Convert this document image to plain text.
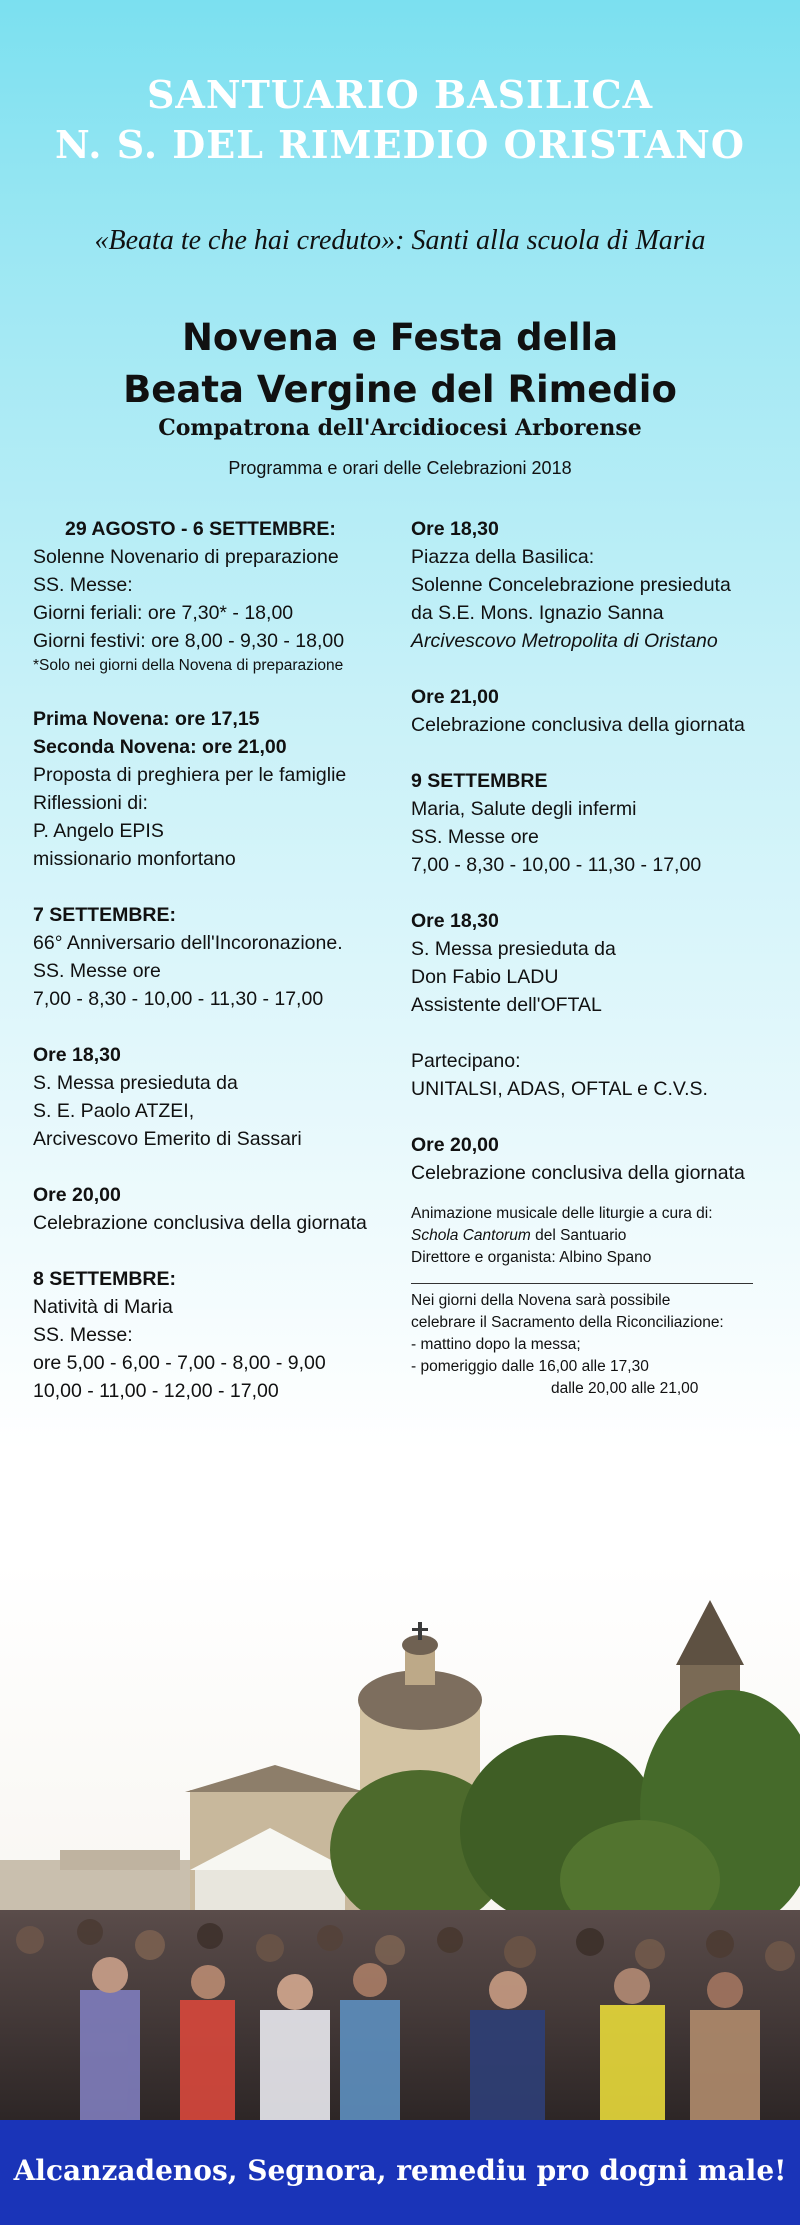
SANTUARIO BASILICA
N. S. DEL RIMEDIO ORISTANO
«Beata te che hai creduto»: Santi alla scuola di Maria
Novena e Festa della
Beata Vergine del Rimedio
Compatrona dell'Arcidiocesi Arborense
Programma e orari delle Celebrazioni 2018

29 AGOSTO - 6 SETTEMBRE:
Solenne Novenario di preparazione
SS. Messe:
Giorni feriali: ore 7,30* - 18,00
Giorni festivi: ore 8,00 - 9,30 - 18,00
*Solo nei giorni della Novena di preparazione

Prima Novena: ore 17,15
Seconda Novena: ore 21,00
Proposta di preghiera per le famiglie
Riflessioni di:
P. Angelo EPIS
missionario monfortano

7 SETTEMBRE:
66° Anniversario dell'Incoronazione.
SS. Messe ore
7,00 - 8,30 - 10,00 - 11,30 - 17,00

Ore 18,30
S. Messa presieduta da
S. E. Paolo ATZEI,
Arcivescovo Emerito di Sassari

Ore 20,00
Celebrazione conclusiva della giornata

8 SETTEMBRE:
Natività di Maria
SS. Messe:
ore 5,00 - 6,00 - 7,00 - 8,00 - 9,00
10,00 - 11,00 - 12,00 - 17,00

Ore 18,30
Piazza della Basilica:
Solenne Concelebrazione presieduta
da S.E. Mons. Ignazio Sanna
Arcivescovo Metropolita di Oristano

Ore 21,00
Celebrazione conclusiva della giornata

9 SETTEMBRE
Maria, Salute degli infermi
SS. Messe ore
7,00 - 8,30 - 10,00 - 11,30 - 17,00

Ore 18,30
S. Messa presieduta da
Don Fabio LADU
Assistente dell'OFTAL

Partecipano:
UNITALSI, ADAS, OFTAL e C.V.S.

Ore 20,00
Celebrazione conclusiva della giornata

Animazione musicale delle liturgie a cura di:
Schola Cantorum del Santuario
Direttore e organista: Albino Spano
Nei giorni della Novena sarà possibile
celebrare il Sacramento della Riconciliazione:
- mattino dopo la messa;
- pomeriggio dalle 16,00 alle 17,30
dalle 20,00 alle 21,00
Alcanzadenos, Segnora, remediu pro dogni male!
